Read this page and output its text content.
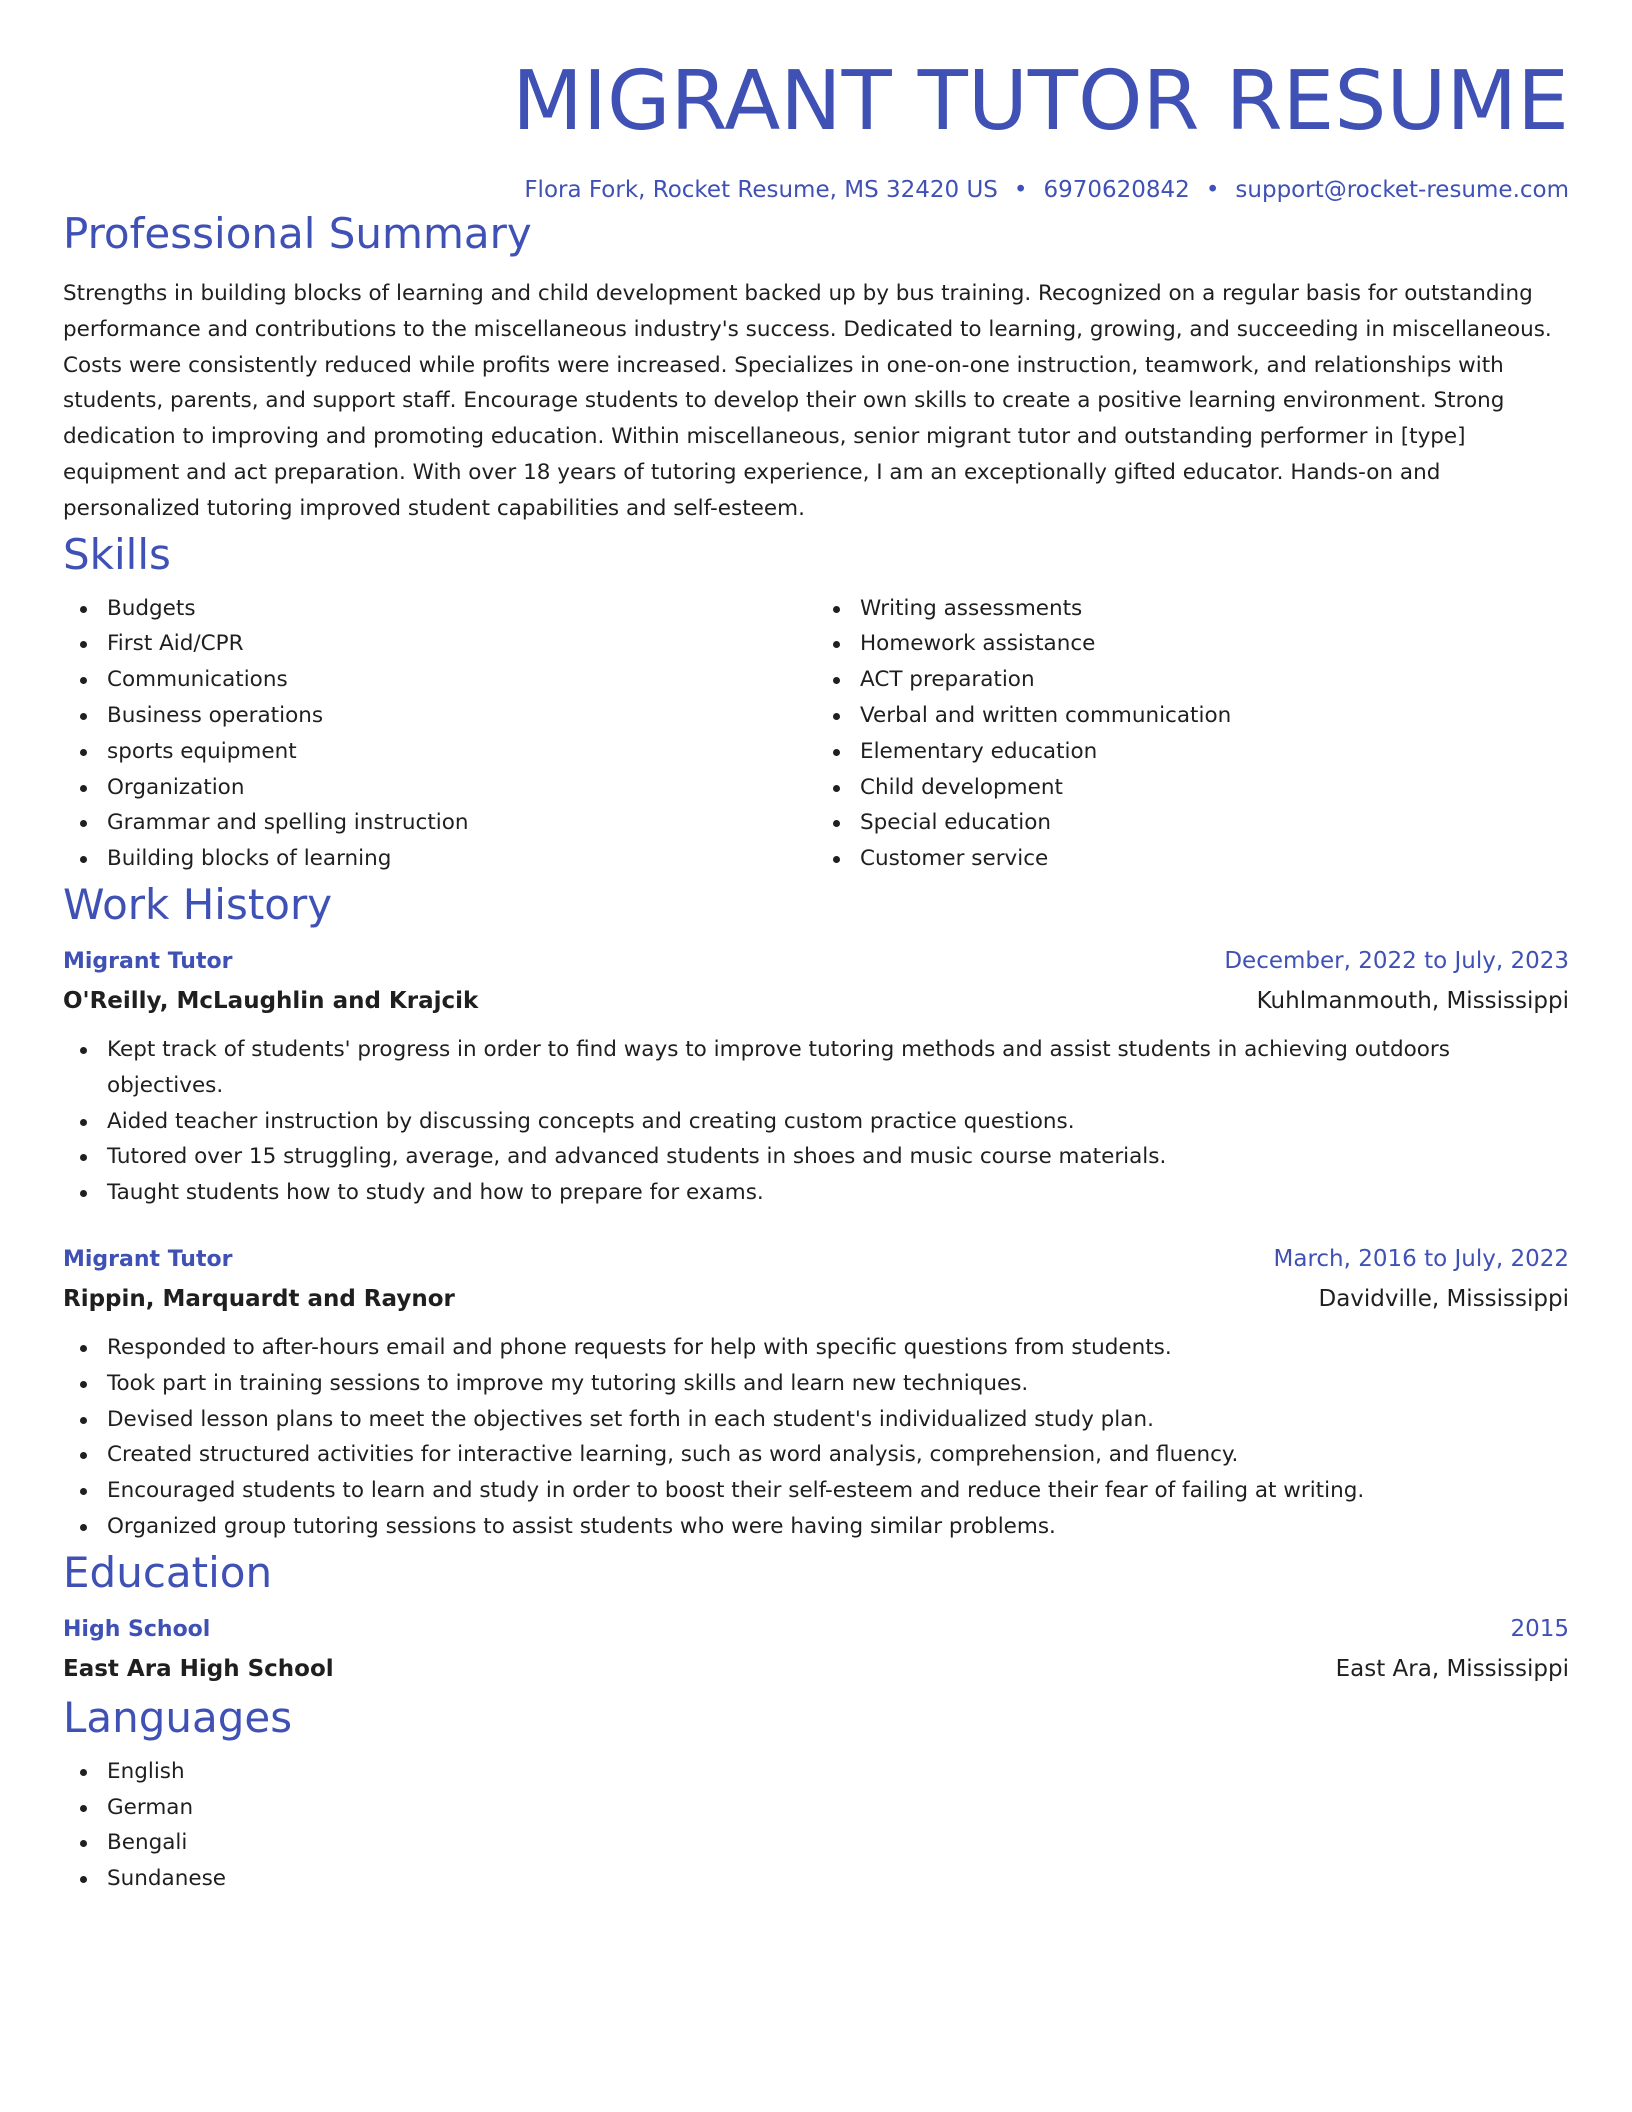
MIGRANT TUTOR RESUME
Flora Fork, Rocket Resume, MS 32420 US • 6970620842 • support@rocket-resume.com
Professional Summary
Strengths in building blocks of learning and child development backed up by bus training. Recognized on a regular basis for outstanding performance and contributions to the miscellaneous industry's success. Dedicated to learning, growing, and succeeding in miscellaneous. Costs were consistently reduced while profits were increased. Specializes in one-on-one instruction, teamwork, and relationships with students, parents, and support staff. Encourage students to develop their own skills to create a positive learning environment. Strong dedication to improving and promoting education. Within miscellaneous, senior migrant tutor and outstanding performer in [type] equipment and act preparation. With over 18 years of tutoring experience, I am an exceptionally gifted educator. Hands-on and personalized tutoring improved student capabilities and self-esteem.
Skills
Budgets
First Aid/CPR
Communications
Business operations
sports equipment
Organization
Grammar and spelling instruction
Building blocks of learning
Writing assessments
Homework assistance
ACT preparation
Verbal and written communication
Elementary education
Child development
Special education
Customer service
Work History
Migrant Tutor	December, 2022 to July, 2023
O'Reilly, McLaughlin and Krajcik	Kuhlmanmouth, Mississippi
Kept track of students' progress in order to find ways to improve tutoring methods and assist students in achieving outdoors objectives.
Aided teacher instruction by discussing concepts and creating custom practice questions.
Tutored over 15 struggling, average, and advanced students in shoes and music course materials.
Taught students how to study and how to prepare for exams.
Migrant Tutor	March, 2016 to July, 2022
Rippin, Marquardt and Raynor	Davidville, Mississippi
Responded to after-hours email and phone requests for help with specific questions from students.
Took part in training sessions to improve my tutoring skills and learn new techniques.
Devised lesson plans to meet the objectives set forth in each student's individualized study plan.
Created structured activities for interactive learning, such as word analysis, comprehension, and fluency.
Encouraged students to learn and study in order to boost their self-esteem and reduce their fear of failing at writing.
Organized group tutoring sessions to assist students who were having similar problems.
Education
High School	2015
East Ara High School	East Ara, Mississippi
Languages
English
German
Bengali
Sundanese
